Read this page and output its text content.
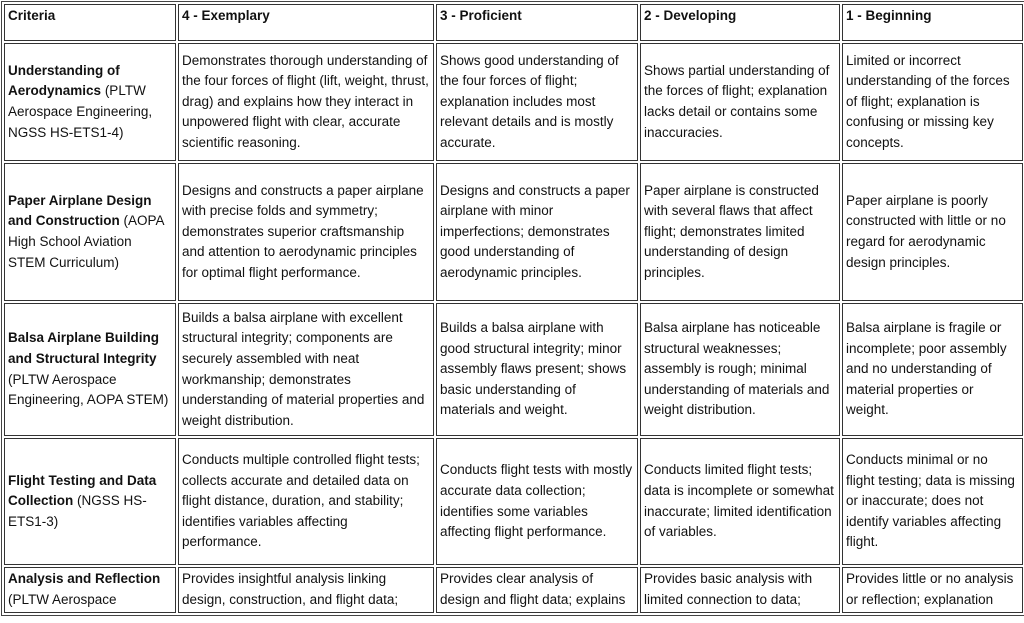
Criteria	4 - Exemplary	3 - Proficient	2 - Developing	1 - Beginning
Understanding of Aerodynamics (PLTW Aerospace Engineering, NGSS HS-ETS1-4)	Demonstrates thorough understanding of the four forces of flight (lift, weight, thrust, drag) and explains how they interact in unpowered flight with clear, accurate scientific reasoning.	Shows good understanding of the four forces of flight; explanation includes most relevant details and is mostly accurate.	Shows partial understanding of the forces of flight; explanation lacks detail or contains some inaccuracies.	Limited or incorrect understanding of the forces of flight; explanation is confusing or missing key concepts.
Paper Airplane Design and Construction (AOPA High School Aviation STEM Curriculum)	Designs and constructs a paper airplane with precise folds and symmetry; demonstrates superior craftsmanship and attention to aerodynamic principles for optimal flight performance.	Designs and constructs a paper airplane with minor imperfections; demonstrates good understanding of aerodynamic principles.	Paper airplane is constructed with several flaws that affect flight; demonstrates limited understanding of design principles.	Paper airplane is poorly constructed with little or no regard for aerodynamic design principles.
Balsa Airplane Building and Structural Integrity (PLTW Aerospace Engineering, AOPA STEM)	Builds a balsa airplane with excellent structural integrity; components are securely assembled with neat workmanship; demonstrates understanding of material properties and weight distribution.	Builds a balsa airplane with good structural integrity; minor assembly flaws present; shows basic understanding of materials and weight.	Balsa airplane has noticeable structural weaknesses; assembly is rough; minimal understanding of materials and weight distribution.	Balsa airplane is fragile or incomplete; poor assembly and no understanding of material properties or weight.
Flight Testing and Data Collection (NGSS HS-ETS1-3)	Conducts multiple controlled flight tests; collects accurate and detailed data on flight distance, duration, and stability; identifies variables affecting performance.	Conducts flight tests with mostly accurate data collection; identifies some variables affecting flight performance.	Conducts limited flight tests; data is incomplete or somewhat inaccurate; limited identification of variables.	Conducts minimal or no flight testing; data is missing or inaccurate; does not identify variables affecting flight.
Analysis and Reflection (PLTW Aerospace	Provides insightful analysis linking design, construction, and flight data;	Provides clear analysis of design and flight data; explains	Provides basic analysis with limited connection to data;	Provides little or no analysis or reflection; explanation
